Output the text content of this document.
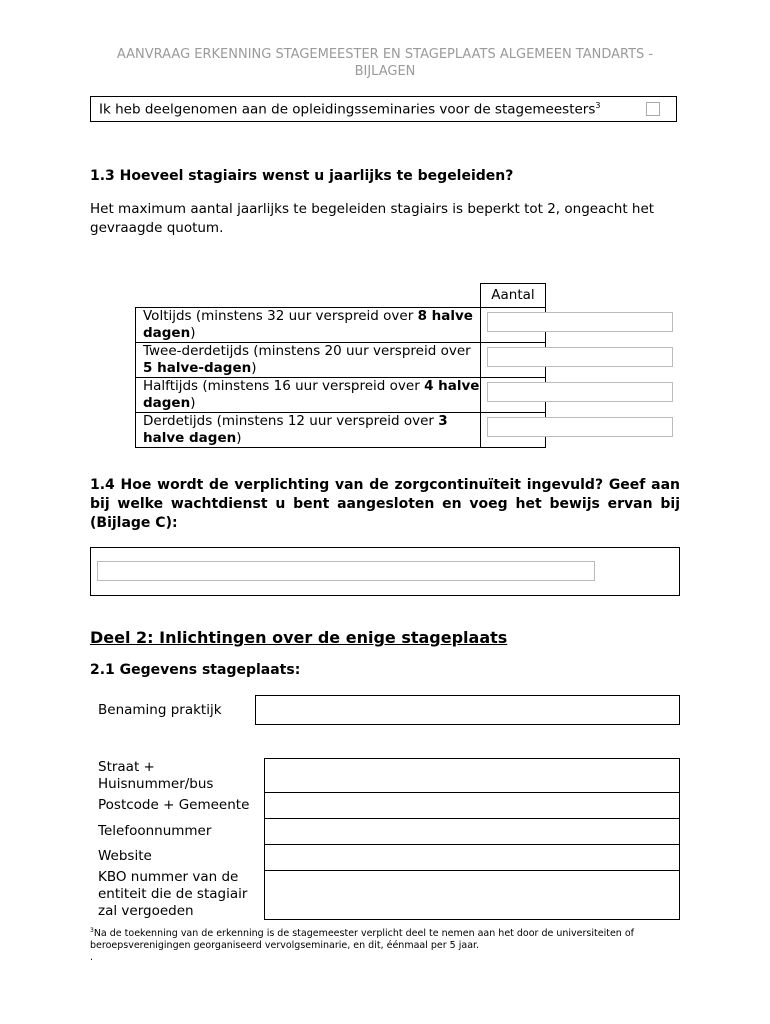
AANVRAAG ERKENNING STAGEMEESTER EN STAGEPLAATS ALGEMEEN TANDARTS -
BIJLAGEN
Ik heb deelgenomen aan de opleidingsseminaries voor de stagemeesters$^3$
1.3 Hoeveel stagiairs wenst u jaarlijks te begeleiden?
Het maximum aantal jaarlijks te begeleiden stagiairs is beperkt tot 2, ongeacht het gevraagde quotum.
	Aantal
Voltijds (minstens 32 uur verspreid over 8 halve dagen)	

Twee-derdetijds (minstens 20 uur verspreid over 5 halve-dagen)	

Halftijds (minstens 16 uur verspreid over 4 halve dagen)	

Derdetijds (minstens 12 uur verspreid over 3 halve dagen)	
1.4 Hoe wordt de verplichting van de zorgcontinuïteit ingevuld? Geef aan bij welke wachtdienst u bent aangesloten en voeg het bewijs ervan bij (Bijlage C):
Deel 2: Inlichtingen over de enige stageplaats
2.1 Gegevens stageplaats:
Benaming praktijk
Straat + Huisnummer/bus
Postcode + Gemeente
Telefoonnummer
Website
KBO nummer van de entiteit die de stagiair zal vergoeden
$^3$Na de toekenning van de erkenning is de stagemeester verplicht deel te nemen aan het door de universiteiten of beroepsverenigingen georganiseerd vervolgseminarie, en dit, éénmaal per 5 jaar.
.
